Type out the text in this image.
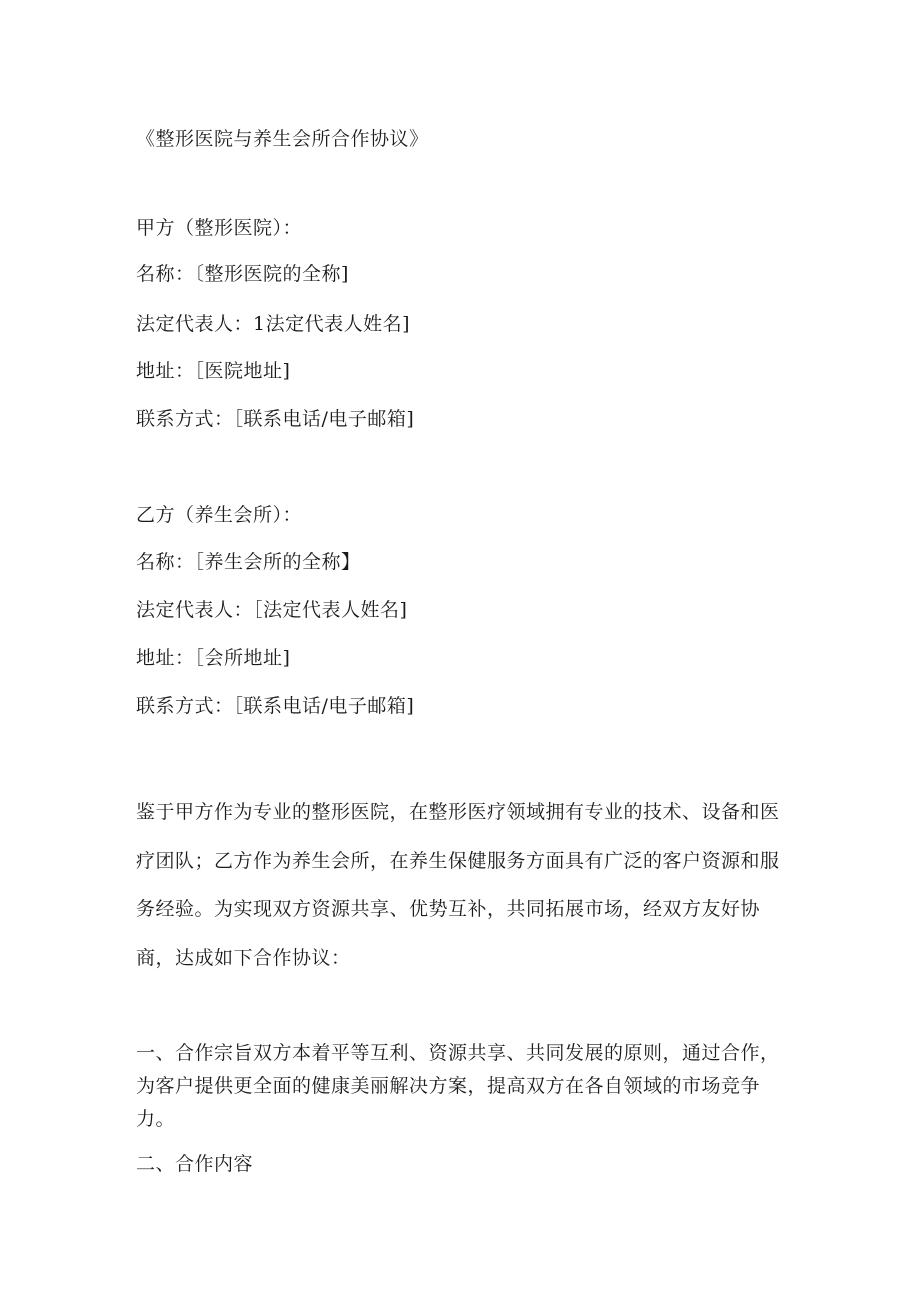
《整形医院与养生会所合作协议》
甲方（整形医院）：
名称：〔整形医院的全称]
法定代表人：1法定代表人姓名]
地址：［医院地址]
联系方式：［联系电话/电子邮箱]
乙方（养生会所）：
名称：［养生会所的全称】
法定代表人：［法定代表人姓名]
地址：［会所地址]
联系方式：［联系电话/电子邮箱]
鉴于甲方作为专业的整形医院，在整形医疗领域拥有专业的技术、设备和医疗团队；乙方作为养生会所，在养生保健服务方面具有广泛的客户资源和服务经验。为实现双方资源共享、优势互补，共同拓展市场，经双方友好协商，达成如下合作协议：
一、合作宗旨双方本着平等互利、资源共享、共同发展的原则，通过合作，为客户提供更全面的健康美丽解决方案，提高双方在各自领域的市场竞争力。
二、合作内容
